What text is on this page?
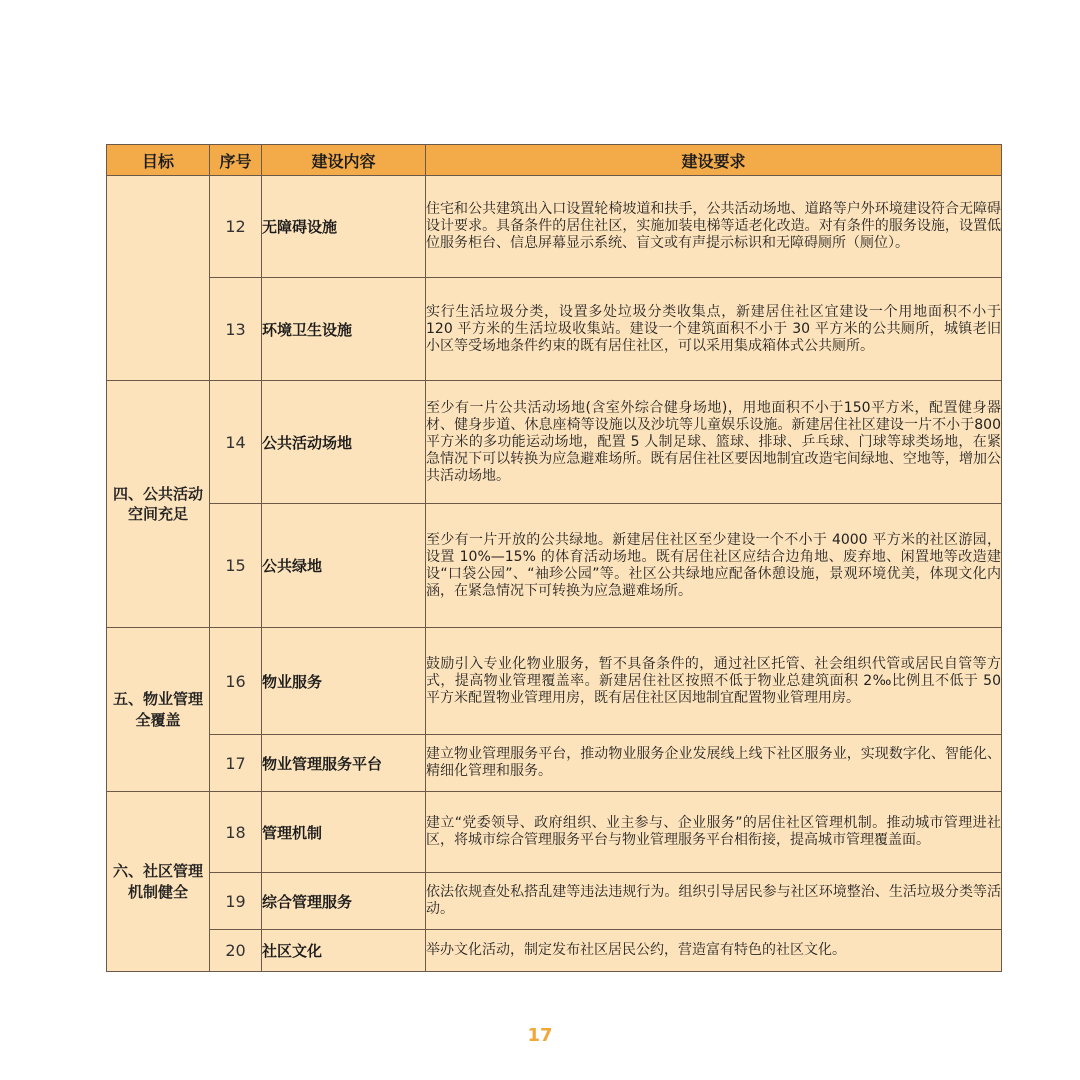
目标	序号	建设内容	建设要求
	12	无障碍设施	住宅和公共建筑出入口设置轮椅坡道和扶手，公共活动场地、道路等户外环境建设符合无障碍设计要求。具备条件的居住社区，实施加装电梯等适老化改造。对有条件的服务设施，设置低位服务柜台、信息屏幕显示系统、盲文或有声提示标识和无障碍厕所（厕位）。
	13	环境卫生设施	实行生活垃圾分类，设置多处垃圾分类收集点，新建居住社区宜建设一个用地面积不小于 120 平方米的生活垃圾收集站。建设一个建筑面积不小于 30 平方米的公共厕所，城镇老旧小区等受场地条件约束的既有居住社区，可以采用集成箱体式公共厕所。
四、公共活动空间充足	14	公共活动场地	至少有一片公共活动场地(含室外综合健身场地)，用地面积不小于150平方米，配置健身器材、健身步道、休息座椅等设施以及沙坑等儿童娱乐设施。新建居住社区建设一片不小于800平方米的多功能运动场地，配置 5 人制足球、篮球、排球、乒乓球、门球等球类场地，在紧急情况下可以转换为应急避难场所。既有居住社区要因地制宜改造宅间绿地、空地等，增加公共活动场地。
	15	公共绿地	至少有一片开放的公共绿地。新建居住社区至少建设一个不小于 4000 平方米的社区游园，设置 10%—15% 的体育活动场地。既有居住社区应结合边角地、废弃地、闲置地等改造建设“口袋公园”、“袖珍公园”等。社区公共绿地应配备休憩设施，景观环境优美，体现文化内涵，在紧急情况下可转换为应急避难场所。
五、物业管理全覆盖	16	物业服务	鼓励引入专业化物业服务，暂不具备条件的，通过社区托管、社会组织代管或居民自管等方式，提高物业管理覆盖率。新建居住社区按照不低于物业总建筑面积 2‰比例且不低于 50 平方米配置物业管理用房，既有居住社区因地制宜配置物业管理用房。
	17	物业管理服务平台	建立物业管理服务平台，推动物业服务企业发展线上线下社区服务业，实现数字化、智能化、精细化管理和服务。
六、社区管理机制健全	18	管理机制	建立“党委领导、政府组织、业主参与、企业服务”的居住社区管理机制。推动城市管理进社区，将城市综合管理服务平台与物业管理服务平台相衔接，提高城市管理覆盖面。
	19	综合管理服务	依法依规查处私搭乱建等违法违规行为。组织引导居民参与社区环境整治、生活垃圾分类等活动。
	20	社区文化	举办文化活动，制定发布社区居民公约，营造富有特色的社区文化。
17
